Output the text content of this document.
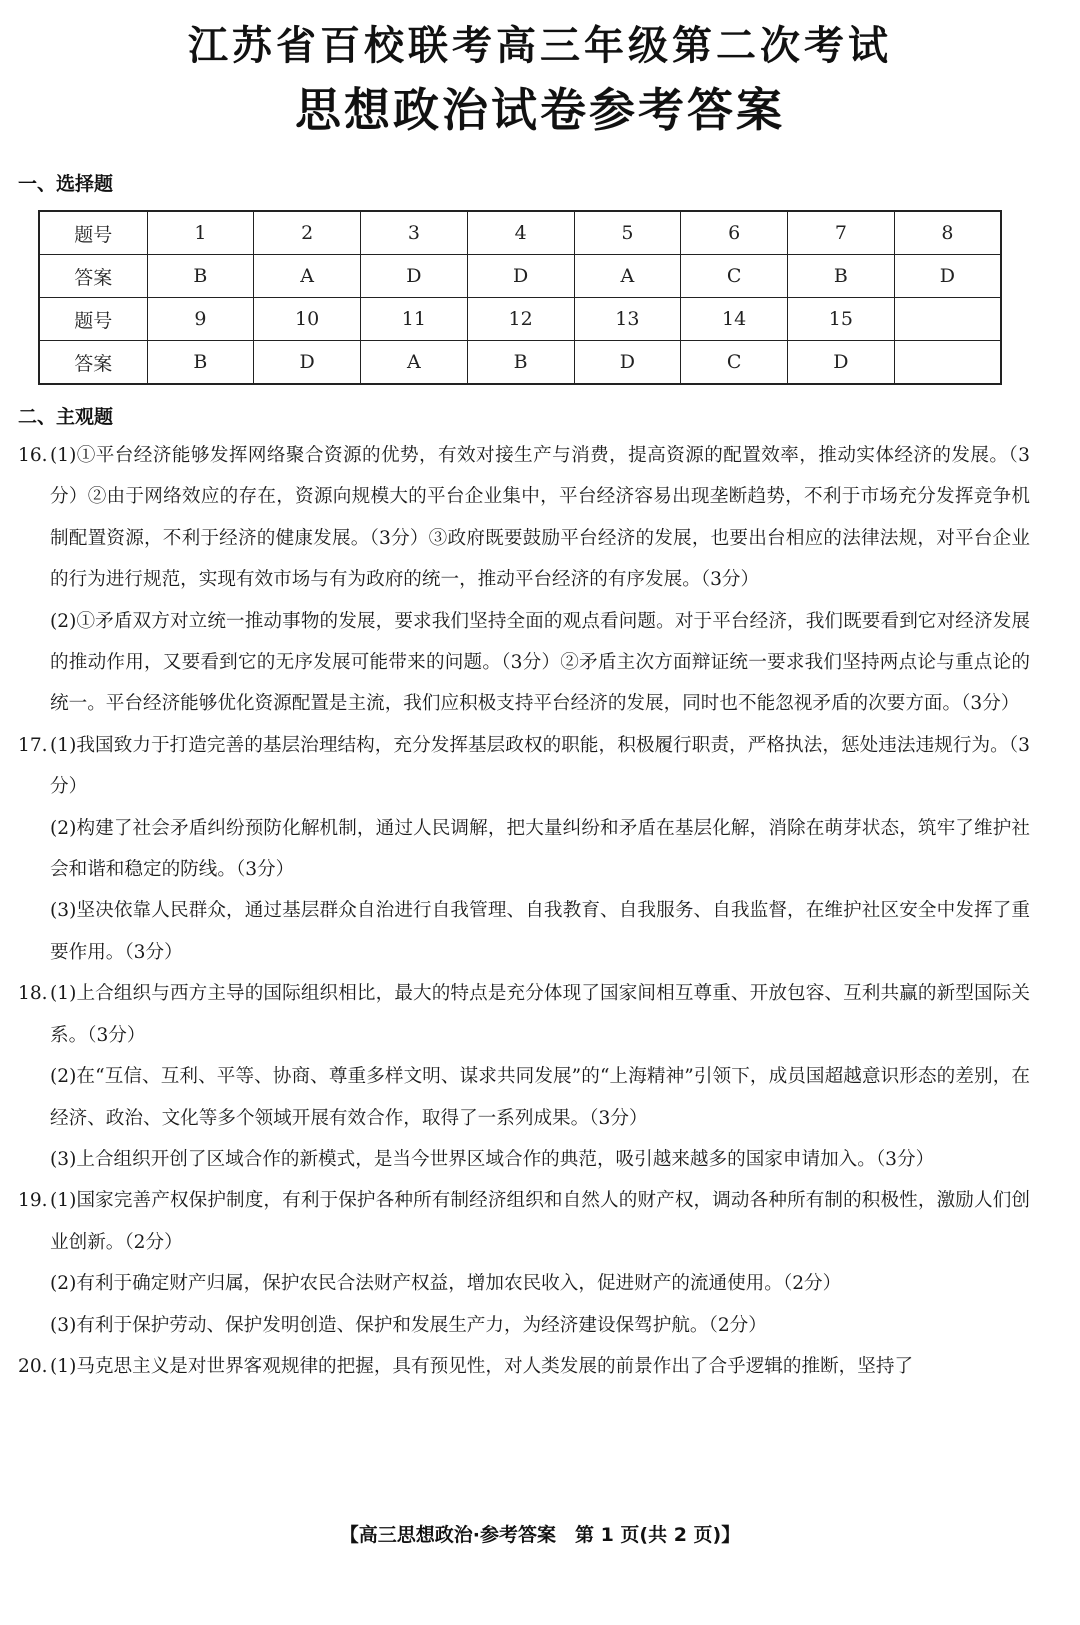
江苏省百校联考高三年级第二次考试
思想政治试卷参考答案
一、选择题
题号	1	2	3	4	5	6	7	8
答案	B	A	D	D	A	C	B	D
题号	9	10	11	12	13	14	15	
答案	B	D	A	B	D	C	D	
二、主观题

16. (1)①平台经济能够发挥网络聚合资源的优势，有效对接生产与消费，提高资源的配置效率，推动实体经济的发展。（3分）②由于网络效应的存在，资源向规模大的平台企业集中，平台经济容易出现垄断趋势，不利于市场充分发挥竞争机制配置资源，不利于经济的健康发展。（3分）③政府既要鼓励平台经济的发展，也要出台相应的法律法规，对平台企业的行为进行规范，实现有效市场与有为政府的统一，推动平台经济的有序发展。（3分）

(2)①矛盾双方对立统一推动事物的发展，要求我们坚持全面的观点看问题。对于平台经济，我们既要看到它对经济发展的推动作用，又要看到它的无序发展可能带来的问题。（3分）②矛盾主次方面辩证统一要求我们坚持两点论与重点论的统一。平台经济能够优化资源配置是主流，我们应积极支持平台经济的发展，同时也不能忽视矛盾的次要方面。（3分）

17. (1)我国致力于打造完善的基层治理结构，充分发挥基层政权的职能，积极履行职责，严格执法，惩处违法违规行为。（3分）

(2)构建了社会矛盾纠纷预防化解机制，通过人民调解，把大量纠纷和矛盾在基层化解，消除在萌芽状态，筑牢了维护社会和谐和稳定的防线。（3分）

(3)坚决依靠人民群众，通过基层群众自治进行自我管理、自我教育、自我服务、自我监督，在维护社区安全中发挥了重要作用。（3分）

18. (1)上合组织与西方主导的国际组织相比，最大的特点是充分体现了国家间相互尊重、开放包容、互利共赢的新型国际关系。（3分）

(2)在“互信、互利、平等、协商、尊重多样文明、谋求共同发展”的“上海精神”引领下，成员国超越意识形态的差别，在经济、政治、文化等多个领域开展有效合作，取得了一系列成果。（3分）

(3)上合组织开创了区域合作的新模式，是当今世界区域合作的典范，吸引越来越多的国家申请加入。（3分）

19. (1)国家完善产权保护制度，有利于保护各种所有制经济组织和自然人的财产权，调动各种所有制的积极性，激励人们创业创新。（2分）

(2)有利于确定财产归属，保护农民合法财产权益，增加农民收入，促进财产的流通使用。（2分）

(3)有利于保护劳动、保护发明创造、保护和发展生产力，为经济建设保驾护航。（2分）

20. (1)马克思主义是对世界客观规律的把握，具有预见性，对人类发展的前景作出了合乎逻辑的推断，坚持了

【高三思想政治·参考答案　第 1 页(共 2 页)】
